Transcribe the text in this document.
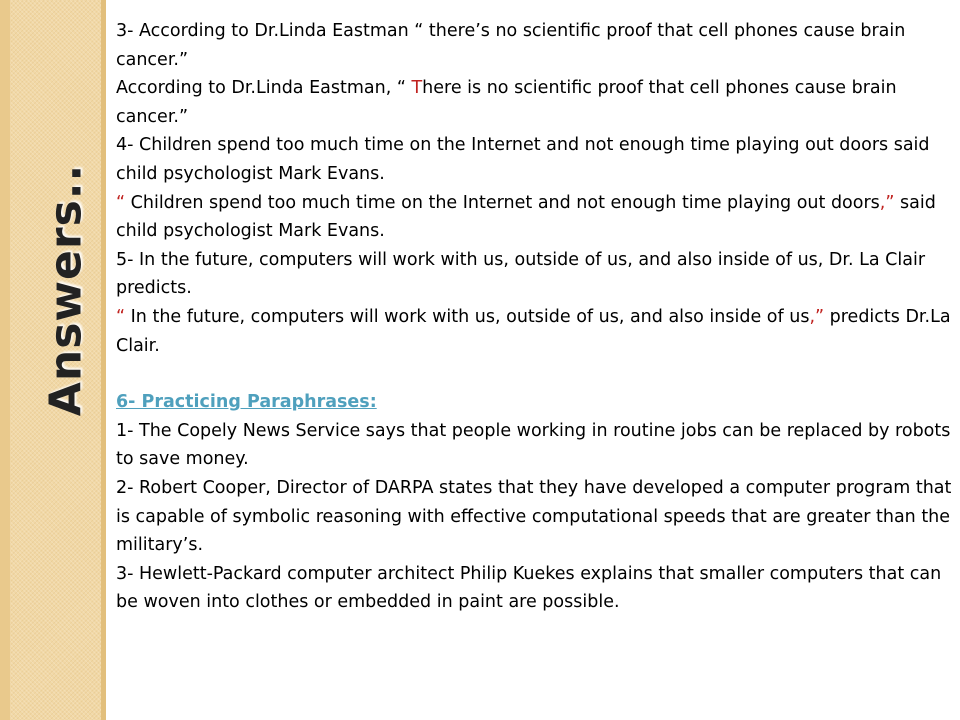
Answers..

3- According to Dr.Linda Eastman “ there’s no scientific proof that cell phones cause brain cancer.”

According to Dr.Linda Eastman, “ There is no scientific proof that cell phones cause brain cancer.”

4- Children spend too much time on the Internet and not enough time playing out doors said child psychologist Mark Evans.

“ Children spend too much time on the Internet and not enough time playing out doors,” said child psychologist Mark Evans.

5- In the future, computers will work with us, outside of us, and also inside of us, Dr. La Clair predicts.

“ In the future, computers will work with us, outside of us, and also inside of us,” predicts Dr.La Clair.

6- Practicing Paraphrases:

1- The Copely News Service says that people working in routine jobs can be replaced by robots to save money.

2- Robert Cooper, Director of DARPA states that they have developed a computer program that is capable of symbolic reasoning with effective computational speeds that are greater than the military’s.

3- Hewlett-Packard computer architect Philip Kuekes explains that smaller computers that can be woven into clothes or embedded in paint are possible.
